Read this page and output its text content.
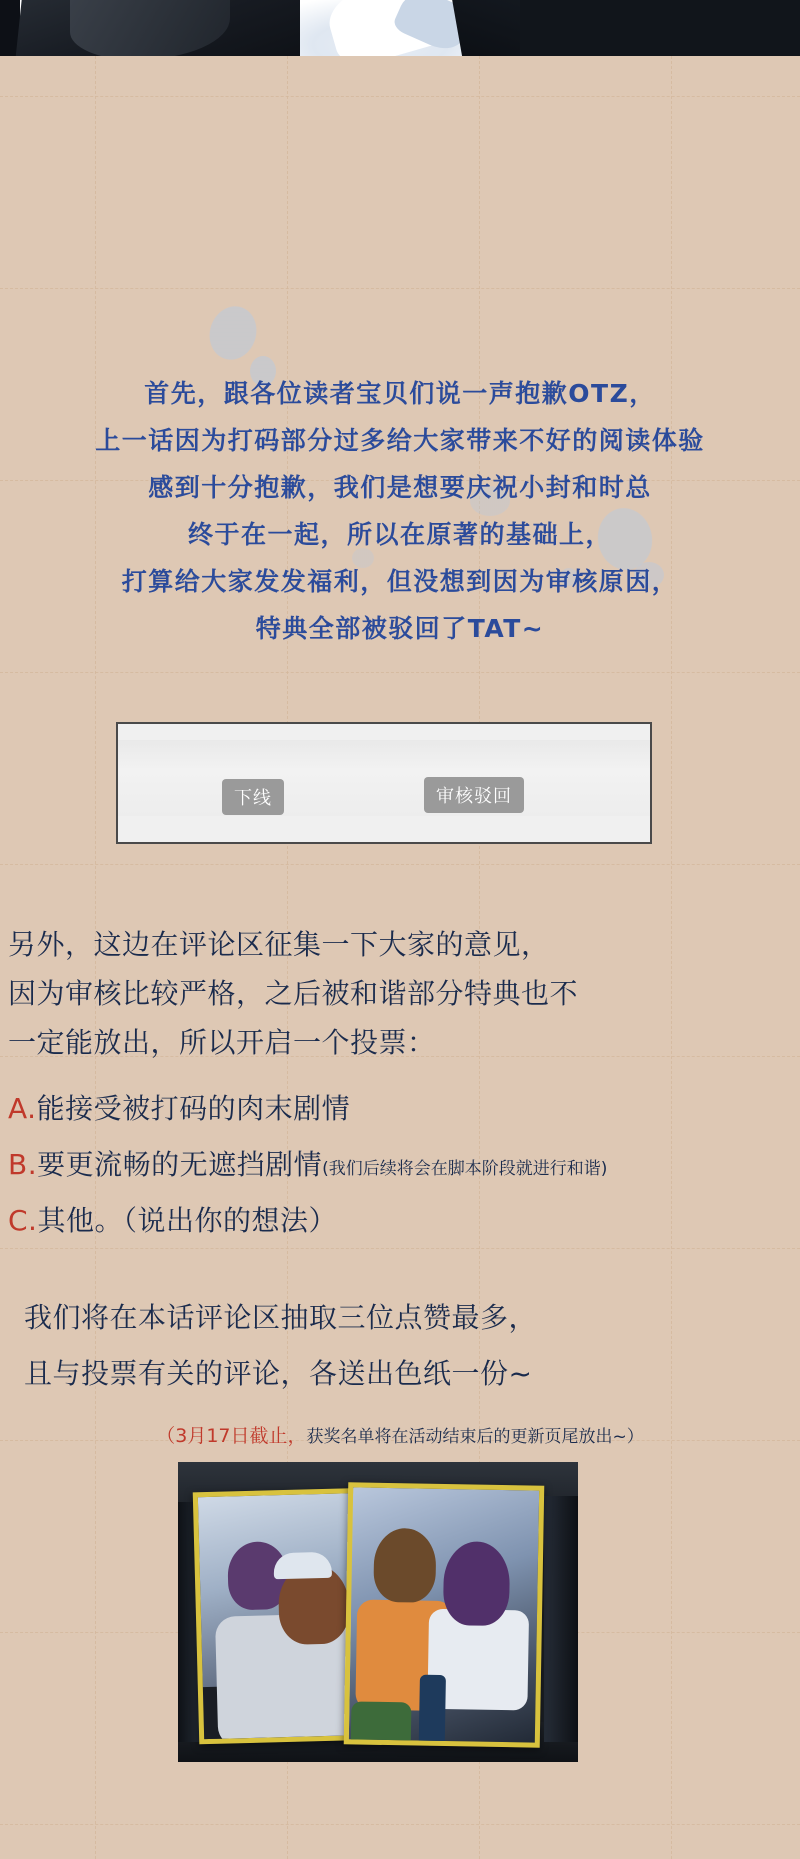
首先，跟各位读者宝贝们说一声抱歉OTZ，
上一话因为打码部分过多给大家带来不好的阅读体验
感到十分抱歉，我们是想要庆祝小封和时总
终于在一起，所以在原著的基础上，
打算给大家发发福利，但没想到因为审核原因，
特典全部被驳回了TAT~
下线	审核驳回
另外，这边在评论区征集一下大家的意见，
因为审核比较严格，之后被和谐部分特典也不
一定能放出，所以开启一个投票：
A.能接受被打码的肉末剧情
B.要更流畅的无遮挡剧情(我们后续将会在脚本阶段就进行和谐)
C.其他。（说出你的想法）
我们将在本话评论区抽取三位点赞最多，
且与投票有关的评论，各送出色纸一份~
（3月17日截止，获奖名单将在活动结束后的更新页尾放出~）
